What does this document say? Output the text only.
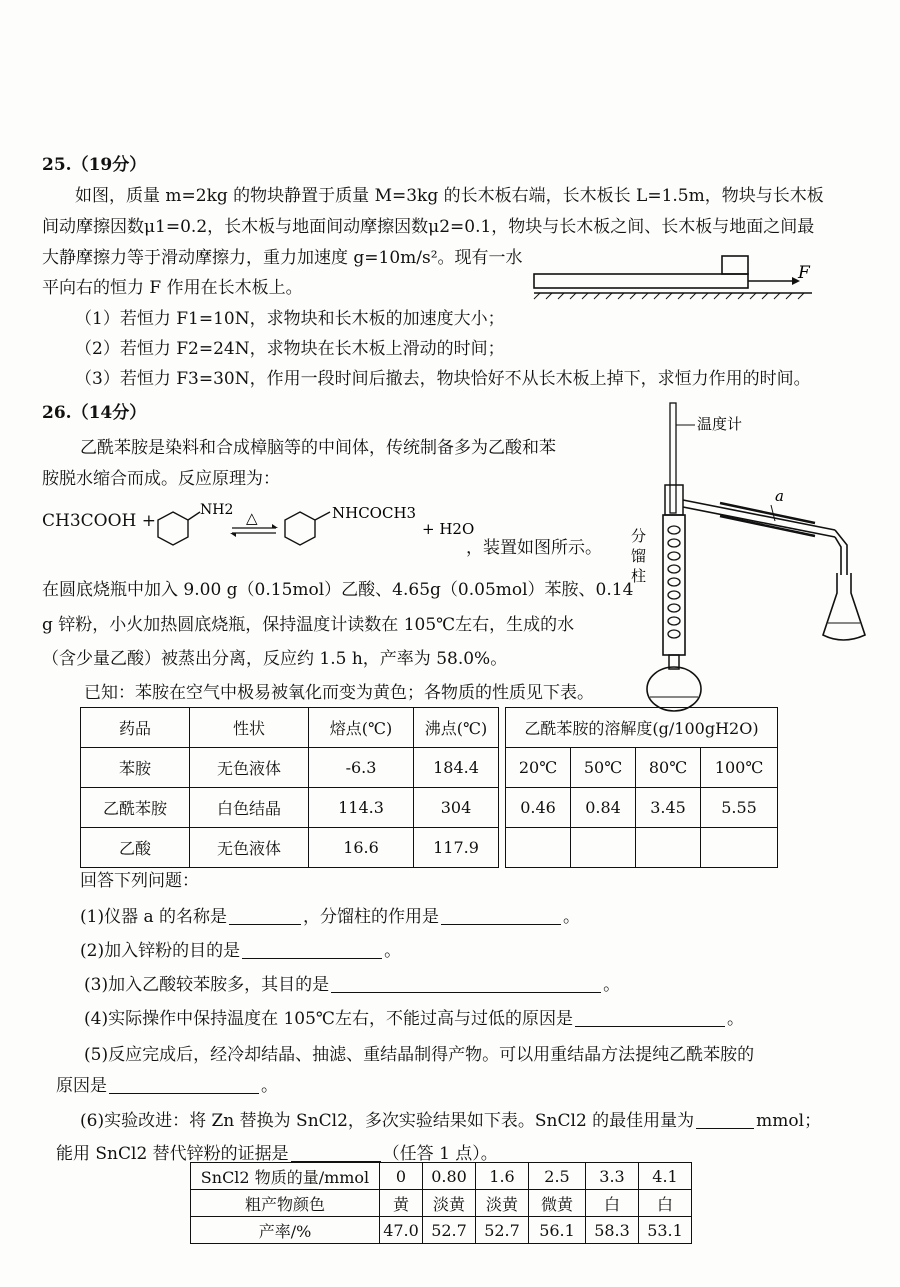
25.（19分）
如图，质量 m=2kg 的物块静置于质量 M=3kg 的长木板右端，长木板长 L=1.5m，物块与长木板
间动摩擦因数μ1=0.2，长木板与地面间动摩擦因数μ2=0.1，物块与长木板之间、长木板与地面之间最
大静摩擦力等于滑动摩擦力，重力加速度 g=10m/s²。现有一水
平向右的恒力 F 作用在长木板上。
F
（1）若恒力 F1=10N，求物块和长木板的加速度大小；
（2）若恒力 F2=24N，求物块在长木板上滑动的时间；
（3）若恒力 F3=30N，作用一段时间后撤去，物块恰好不从长木板上掉下，求恒力作用的时间。
26.（14分）
乙酰苯胺是染料和合成樟脑等的中间体，传统制备多为乙酸和苯
胺脱水缩合而成。反应原理为：
CH3COOH +
NH2 △	NHCOCH3
+ H2O
，装置如图所示。
在圆底烧瓶中加入 9.00 g（0.15mol）乙酸、4.65g（0.05mol）苯胺、0.14
g 锌粉，小火加热圆底烧瓶，保持温度计读数在 105℃左右，生成的水
（含少量乙酸）被蒸出分离，反应约 1.5 h，产率为 58.0%。
已知：苯胺在空气中极易被氧化而变为黄色；各物质的性质见下表。
温度计
分
馏
柱
a
药品	性状	熔点(℃)	沸点(℃)		乙酰苯胺的溶解度(g/100gH2O)			
苯胺	无色液体	-6.3	184.4		20℃	50℃	80℃	100℃
乙酰苯胺	白色结晶	114.3	304		0.46	0.84	3.45	5.55
乙酸	无色液体	16.6	117.9					
回答下列问题：
(1)仪器 a 的名称是	，分馏柱的作用是	。
(2)加入锌粉的目的是	。
(3)加入乙酸较苯胺多，其目的是	。
(4)实际操作中保持温度在 105℃左右，不能过高与过低的原因是	。
(5)反应完成后，经冷却结晶、抽滤、重结晶制得产物。可以用重结晶方法提纯乙酰苯胺的
原因是	。
(6)实验改进：将 Zn 替换为 SnCl2，多次实验结果如下表。SnCl2 的最佳用量为	mmol；
能用 SnCl2 替代锌粉的证据是	（任答 1 点）。
SnCl2 物质的量/mmol	0	0.80	1.6	2.5	3.3	4.1
粗产物颜色	黄	淡黄	淡黄	微黄	白	白
产率/%	47.0	52.7	52.7	56.1	58.3	53.1
